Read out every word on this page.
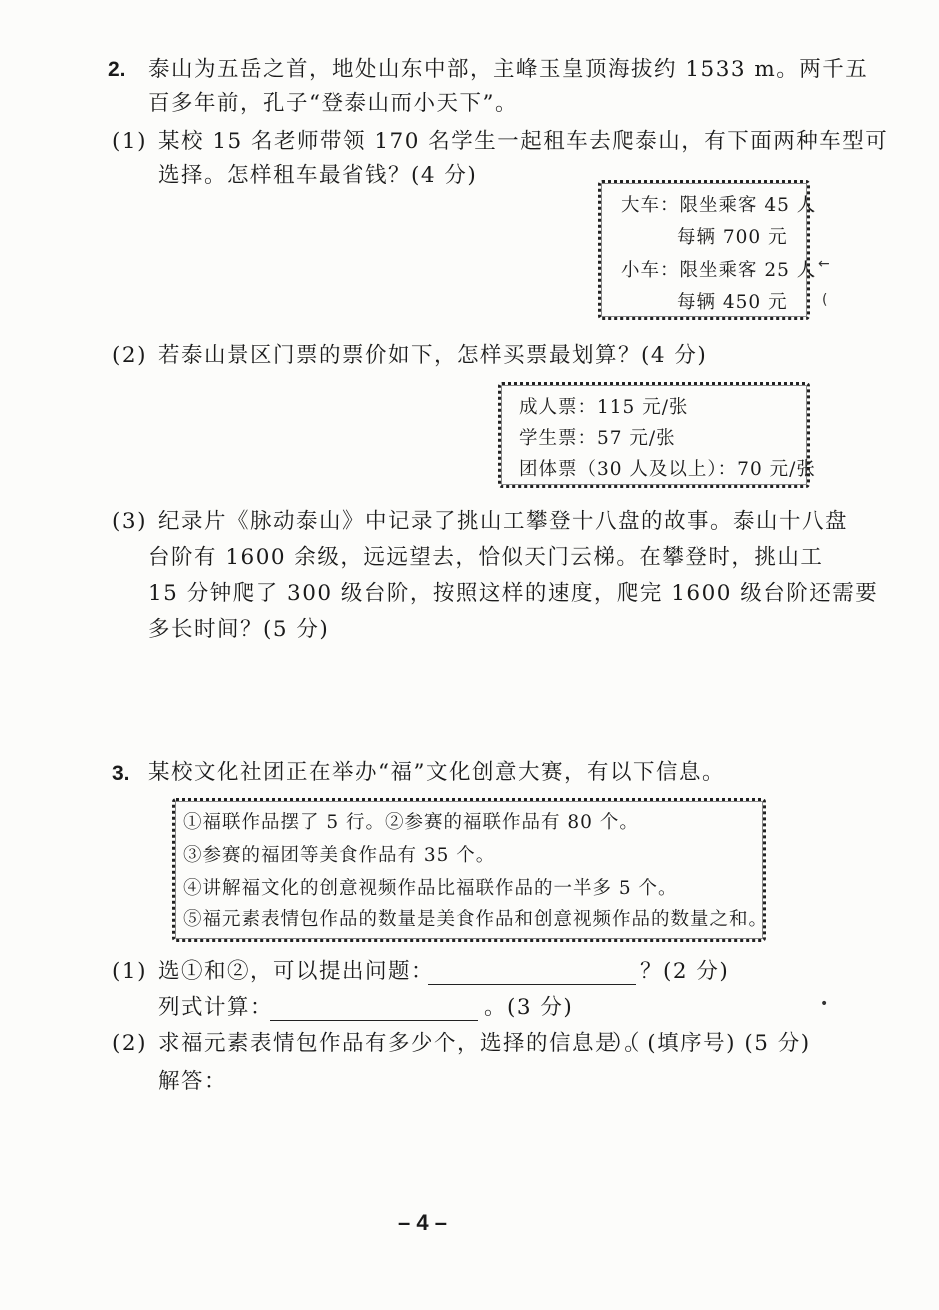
2. 泰山为五岳之首，地处山东中部，主峰玉皇顶海拔约 1533 m。两千五
百多年前，孔子“登泰山而小天下”。
(1) 某校 15 名老师带领 170 名学生一起租车去爬泰山，有下面两种车型可
选择。怎样租车最省钱？(4 分)
大车：限坐乘客 45 人
每辆 700 元
小车：限坐乘客 25 人
每辆 450 元
←
(
(2) 若泰山景区门票的票价如下，怎样买票最划算？(4 分)
成人票：115 元/张
学生票：57 元/张
团体票（30 人及以上）：70 元/张
(3) 纪录片《脉动泰山》中记录了挑山工攀登十八盘的故事。泰山十八盘
台阶有 1600 余级，远远望去，恰似天门云梯。在攀登时，挑山工
15 分钟爬了 300 级台阶，按照这样的速度，爬完 1600 级台阶还需要
多长时间？(5 分)
3. 某校文化社团正在举办“福”文化创意大赛，有以下信息。
①福联作品摆了 5 行。②参赛的福联作品有 80 个。
③参赛的福团等美食作品有 35 个。
④讲解福文化的创意视频作品比福联作品的一半多 5 个。
⑤福元素表情包作品的数量是美食作品和创意视频作品的数量之和。
(1) 选①和②，可以提出问题：	？(2 分)
列式计算：	。(3 分)	•
(2) 求福元素表情包作品有多少个，选择的信息是（
）。(填序号) (5 分)
解答：
– 4 –
